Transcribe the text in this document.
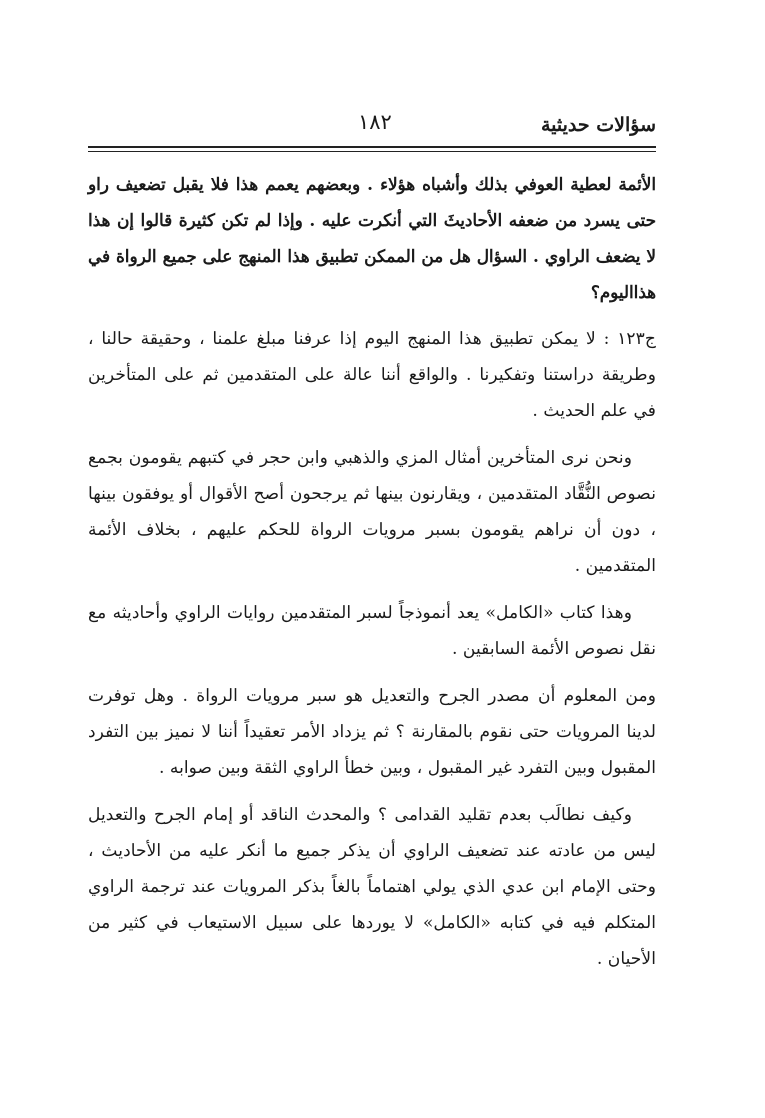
سؤالات حديثية
١٨٢

الأئمة لعطية العوفي بذلك وأشباه هؤلاء . وبعضهم يعمم هذا فلا يقبل تضعيف راو حتى يسرد من ضعفه الأحاديثَ التي أنكرت عليه . وإذا لم تكن كثيرة قالوا إن هذا لا يضعف الراوي . السؤال هل من الممكن تطبيق هذا المنهج على جميع الرواة في هذااليوم؟

ج١٢٣ : لا يمكن تطبيق هذا المنهج اليوم إذا عرفنا مبلغ علمنا ، وحقيقة حالنا ، وطريقة دراستنا وتفكيرنا . والواقع أننا عالة على المتقدمين ثم على المتأخرين في علم الحديث .

ونحن نرى المتأخرين أمثال المزي والذهبي وابن حجر في كتبهم يقومون بجمع نصوص النُّقَّاد المتقدمين ، ويقارنون بينها ثم يرجحون أصح الأقوال أو يوفقون بينها ، دون أن نراهم يقومون بسبر مرويات الرواة للحكم عليهم ، بخلاف الأئمة المتقدمين .

وهذا كتاب «الكامل» يعد أنموذجاً لسبر المتقدمين روايات الراوي وأحاديثه مع نقل نصوص الأئمة السابقين .

ومن المعلوم أن مصدر الجرح والتعديل هو سبر مرويات الرواة . وهل توفرت لدينا المرويات حتى نقوم بالمقارنة ؟ ثم يزداد الأمر تعقيداً أننا لا نميز بين التفرد المقبول وبين التفرد غير المقبول ، وبين خطأ الراوي الثقة وبين صوابه .

وكيف نطالَب بعدم تقليد القدامى ؟ والمحدث الناقد أو إمام الجرح والتعديل ليس من عادته عند تضعيف الراوي أن يذكر جميع ما أنكر عليه من الأحاديث ، وحتى الإمام ابن عدي الذي يولي اهتماماً بالغاً بذكر المرويات عند ترجمة الراوي المتكلم فيه في كتابه «الكامل» لا يوردها على سبيل الاستيعاب في كثير من الأحيان .
